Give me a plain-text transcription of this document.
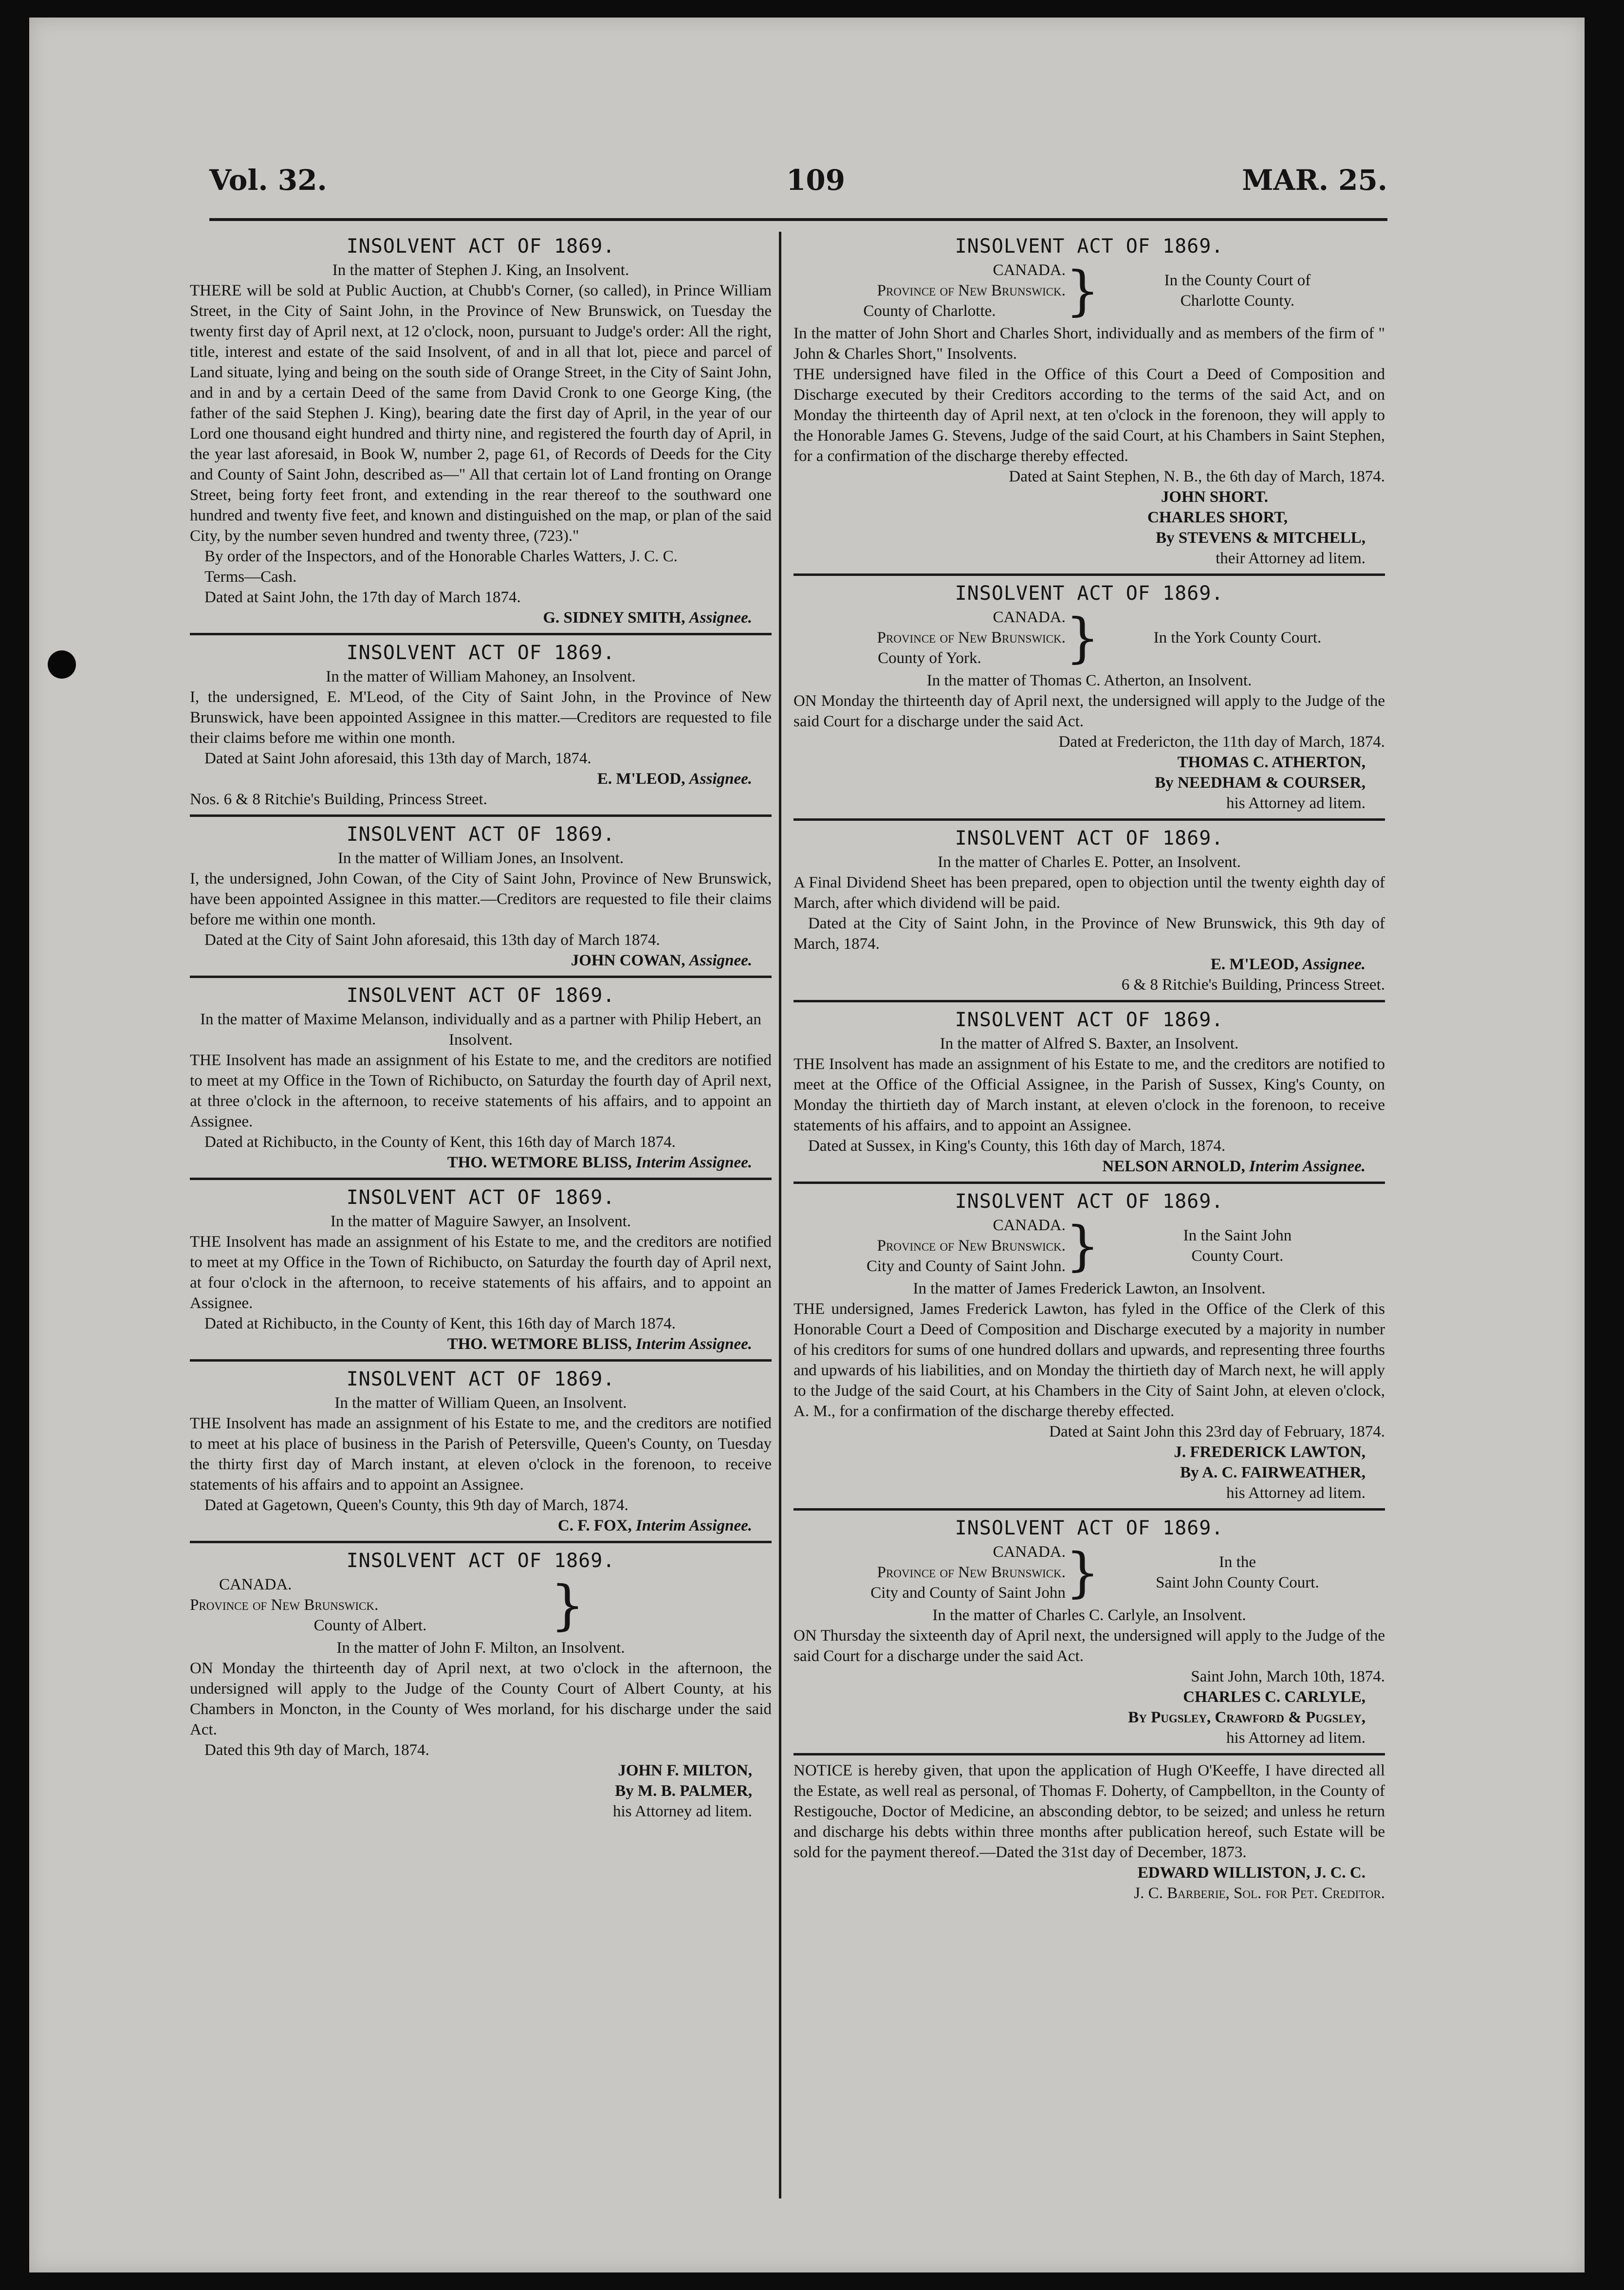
Vol. 32.	109	MAR. 25.
INSOLVENT ACT OF 1869.
In the matter of Stephen J. King, an Insolvent.
THERE will be sold at Public Auction, at Chubb's Corner, (so called), in Prince William Street, in the City of Saint John, in the Province of New Brunswick, on Tuesday the twenty first day of April next, at 12 o'clock, noon, pursuant to Judge's order: All the right, title, interest and estate of the said Insolvent, of and in all that lot, piece and parcel of Land situate, lying and being on the south side of Orange Street, in the City of Saint John, and in and by a certain Deed of the same from David Cronk to one George King, (the father of the said Stephen J. King), bearing date the first day of April, in the year of our Lord one thousand eight hundred and thirty nine, and registered the fourth day of April, in the year last aforesaid, in Book W, number 2, page 61, of Records of Deeds for the City and County of Saint John, described as—" All that certain lot of Land fronting on Orange Street, being forty feet front, and extending in the rear thereof to the southward one hundred and twenty five feet, and known and distinguished on the map, or plan of the said City, by the number seven hundred and twenty three, (723)."
By order of the Inspectors, and of the Honorable Charles Watters, J. C. C.
Terms—Cash.
Dated at Saint John, the 17th day of March 1874.
G. SIDNEY SMITH, Assignee.
INSOLVENT ACT OF 1869.
In the matter of William Mahoney, an Insolvent.
I, the undersigned, E. M'Leod, of the City of Saint John, in the Province of New Brunswick, have been appointed Assignee in this matter.—Creditors are requested to file their claims before me within one month.
Dated at Saint John aforesaid, this 13th day of March, 1874.
E. M'LEOD, Assignee.
Nos. 6 & 8 Ritchie's Building, Princess Street.
INSOLVENT ACT OF 1869.
In the matter of William Jones, an Insolvent.
I, the undersigned, John Cowan, of the City of Saint John, Province of New Brunswick, have been appointed Assignee in this matter.—Creditors are requested to file their claims before me within one month.
Dated at the City of Saint John aforesaid, this 13th day of March 1874.
JOHN COWAN, Assignee.
INSOLVENT ACT OF 1869.
In the matter of Maxime Melanson, individually and as a partner with Philip Hebert, an Insolvent.
THE Insolvent has made an assignment of his Estate to me, and the creditors are notified to meet at my Office in the Town of Richibucto, on Saturday the fourth day of April next, at three o'clock in the afternoon, to receive statements of his affairs, and to appoint an Assignee.
Dated at Richibucto, in the County of Kent, this 16th day of March 1874.
THO. WETMORE BLISS, Interim Assignee.
INSOLVENT ACT OF 1869.
In the matter of Maguire Sawyer, an Insolvent.
THE Insolvent has made an assignment of his Estate to me, and the creditors are notified to meet at my Office in the Town of Richibucto, on Saturday the fourth day of April next, at four o'clock in the afternoon, to receive statements of his affairs, and to appoint an Assignee.
Dated at Richibucto, in the County of Kent, this 16th day of March 1874.
THO. WETMORE BLISS, Interim Assignee.
INSOLVENT ACT OF 1869.
In the matter of William Queen, an Insolvent.
THE Insolvent has made an assignment of his Estate to me, and the creditors are notified to meet at his place of business in the Parish of Petersville, Queen's County, on Tuesday the thirty first day of March instant, at eleven o'clock in the forenoon, to receive statements of his affairs and to appoint an Assignee.
Dated at Gagetown, Queen's County, this 9th day of March, 1874.
C. F. FOX, Interim Assignee.
INSOLVENT ACT OF 1869.
CANADA.
Province of New Brunswick.
County of Albert.	}
In the matter of John F. Milton, an Insolvent.
ON Monday the thirteenth day of April next, at two o'clock in the afternoon, the undersigned will apply to the Judge of the County Court of Albert County, at his Chambers in Moncton, in the County of Wes morland, for his discharge under the said Act.
Dated this 9th day of March, 1874.
JOHN F. MILTON,
By M. B. PALMER,
his Attorney ad litem.
INSOLVENT ACT OF 1869.
CANADA.
Province of New Brunswick.
County of Charlotte.	}	In the County Court of
Charlotte County.
In the matter of John Short and Charles Short, individually and as members of the firm of " John & Charles Short," Insolvents.
THE undersigned have filed in the Office of this Court a Deed of Composition and Discharge executed by their Creditors according to the terms of the said Act, and on Monday the thirteenth day of April next, at ten o'clock in the forenoon, they will apply to the Honorable James G. Stevens, Judge of the said Court, at his Chambers in Saint Stephen, for a confirmation of the discharge thereby effected.
Dated at Saint Stephen, N. B., the 6th day of March, 1874.
JOHN SHORT.
CHARLES SHORT,
By STEVENS & MITCHELL,
their Attorney ad litem.
INSOLVENT ACT OF 1869.
CANADA.
Province of New Brunswick.
County of York.	}	In the York County Court.
In the matter of Thomas C. Atherton, an Insolvent.
ON Monday the thirteenth day of April next, the undersigned will apply to the Judge of the said Court for a discharge under the said Act.
Dated at Fredericton, the 11th day of March, 1874.
THOMAS C. ATHERTON,
By NEEDHAM & COURSER,
his Attorney ad litem.
INSOLVENT ACT OF 1869.
In the matter of Charles E. Potter, an Insolvent.
A Final Dividend Sheet has been prepared, open to objection until the twenty eighth day of March, after which dividend will be paid.
Dated at the City of Saint John, in the Province of New Brunswick, this 9th day of March, 1874.
E. M'LEOD, Assignee.
6 & 8 Ritchie's Building, Princess Street.
INSOLVENT ACT OF 1869.
In the matter of Alfred S. Baxter, an Insolvent.
THE Insolvent has made an assignment of his Estate to me, and the creditors are notified to meet at the Office of the Official Assignee, in the Parish of Sussex, King's County, on Monday the thirtieth day of March instant, at eleven o'clock in the forenoon, to receive statements of his affairs, and to appoint an Assignee.
Dated at Sussex, in King's County, this 16th day of March, 1874.
NELSON ARNOLD, Interim Assignee.
INSOLVENT ACT OF 1869.
CANADA.
Province of New Brunswick.
City and County of Saint John. }	In the Saint John
County Court.
In the matter of James Frederick Lawton, an Insolvent.
THE undersigned, James Frederick Lawton, has fyled in the Office of the Clerk of this Honorable Court a Deed of Composition and Discharge executed by a majority in number of his creditors for sums of one hundred dollars and upwards, and representing three fourths and upwards of his liabilities, and on Monday the thirtieth day of March next, he will apply to the Judge of the said Court, at his Chambers in the City of Saint John, at eleven o'clock, A. M., for a confirmation of the discharge thereby effected.
Dated at Saint John this 23rd day of February, 1874.
J. FREDERICK LAWTON,
By A. C. FAIRWEATHER,
his Attorney ad litem.
INSOLVENT ACT OF 1869.
CANADA.
Province of New Brunswick.
City and County of Saint John }	In the
Saint John County Court.
In the matter of Charles C. Carlyle, an Insolvent.
ON Thursday the sixteenth day of April next, the undersigned will apply to the Judge of the said Court for a discharge under the said Act.
Saint John, March 10th, 1874.
CHARLES C. CARLYLE,
By Pugsley, Crawford & Pugsley,
his Attorney ad litem.
NOTICE is hereby given, that upon the application of Hugh O'Keeffe, I have directed all the Estate, as well real as personal, of Thomas F. Doherty, of Campbellton, in the County of Restigouche, Doctor of Medicine, an absconding debtor, to be seized; and unless he return and discharge his debts within three months after publication hereof, such Estate will be sold for the payment thereof.—Dated the 31st day of December, 1873.
EDWARD WILLISTON, J. C. C.
J. C. Barberie, Sol. for Pet. Creditor.
